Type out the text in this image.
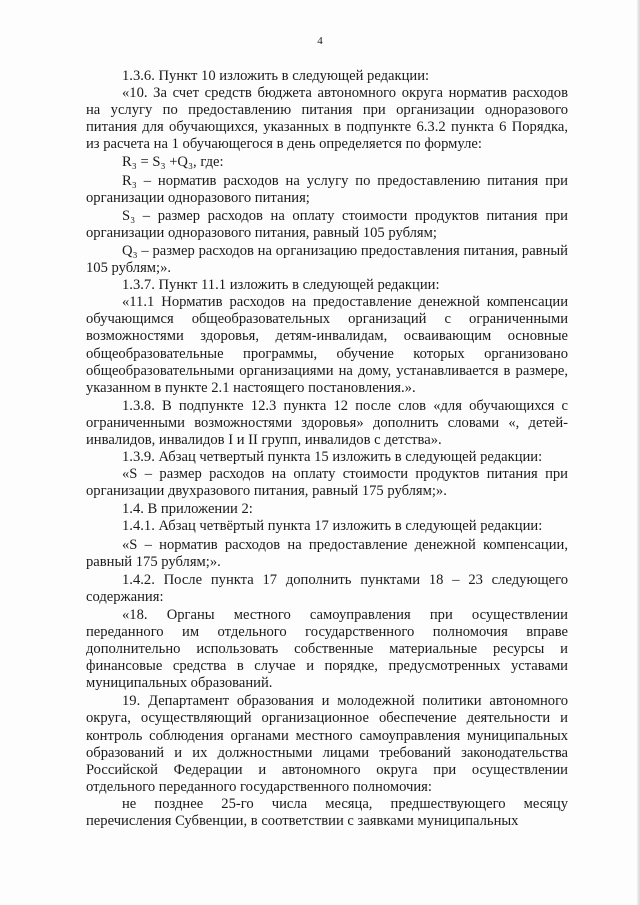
4

1.3.6. Пункт 10 изложить в следующей редакции:

«10. За счет средств бюджета автономного округа норматив расходов на услугу по предоставлению питания при организации одноразового питания для обучающихся, указанных в подпункте 6.3.2 пункта 6 Порядка, из расчета на 1 обучающегося в день определяется по формуле:

R₃ = S₃ +Q₃, где:

R₃ – норматив расходов на услугу по предоставлению питания при организации одноразового питания;

S₃ – размер расходов на оплату стоимости продуктов питания при организации одноразового питания, равный 105 рублям;

Q₃ – размер расходов на организацию предоставления питания, равный 105 рублям;».

1.3.7. Пункт 11.1 изложить в следующей редакции:

«11.1 Норматив расходов на предоставление денежной компенсации обучающимся общеобразовательных организаций с ограниченными возможностями здоровья, детям-инвалидам, осваивающим основные общеобразовательные программы, обучение которых организовано общеобразовательными организациями на дому, устанавливается в размере, указанном в пункте 2.1 настоящего постановления.».

1.3.8. В подпункте 12.3 пункта 12 после слов «для обучающихся с ограниченными возможностями здоровья» дополнить словами «, детей-инвалидов, инвалидов I и II групп, инвалидов с детства».

1.3.9. Абзац четвертый пункта 15 изложить в следующей редакции:

«S – размер расходов на оплату стоимости продуктов питания при организации двухразового питания, равный 175 рублям;».

1.4. В приложении 2:

1.4.1. Абзац четвёртый пункта 17 изложить в следующей редакции:

«S – норматив расходов на предоставление денежной компенсации, равный 175 рублям;».

1.4.2. После пункта 17 дополнить пунктами 18 – 23 следующего содержания:

«18. Органы местного самоуправления при осуществлении переданного им отдельного государственного полномочия вправе дополнительно использовать собственные материальные ресурсы и финансовые средства в случае и порядке, предусмотренных уставами муниципальных образований.

19. Департамент образования и молодежной политики автономного округа, осуществляющий организационное обеспечение деятельности и контроль соблюдения органами местного самоуправления муниципальных образований и их должностными лицами требований законодательства Российской Федерации и автономного округа при осуществлении отдельного переданного государственного полномочия:

не позднее 25-го числа месяца, предшествующего месяцу перечисления Субвенции, в соответствии с заявками муниципальных
